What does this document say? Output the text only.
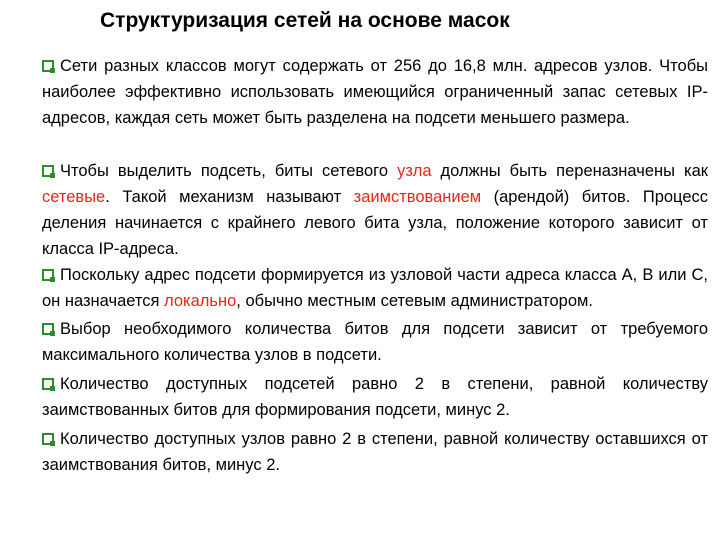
Структуризация сетей на основе масок
Сети разных классов могут содержать от 256 до 16,8 млн. адресов узлов. Чтобы наиболее эффективно использовать имеющийся ограниченный запас сетевых IP-адресов, каждая сеть может быть разделена на подсети меньшего размера.
Чтобы выделить подсеть, биты сетевого узла должны быть переназначены как сетевые. Такой механизм называют заимствованием (арендой) битов. Процесс деления начинается с крайнего левого бита узла, положение которого зависит от класса IP-адреса.
Поскольку адрес подсети формируется из узловой части адреса класса A, B или C, он назначается локально, обычно местным сетевым администратором.
Выбор необходимого количества битов для подсети зависит от требуемого максимального количества узлов в подсети.
Количество доступных подсетей равно 2 в степени, равной количеству заимствованных битов для формирования подсети, минус 2.
Количество доступных узлов равно 2 в степени, равной количеству оставшихся от заимствования битов, минус 2.
